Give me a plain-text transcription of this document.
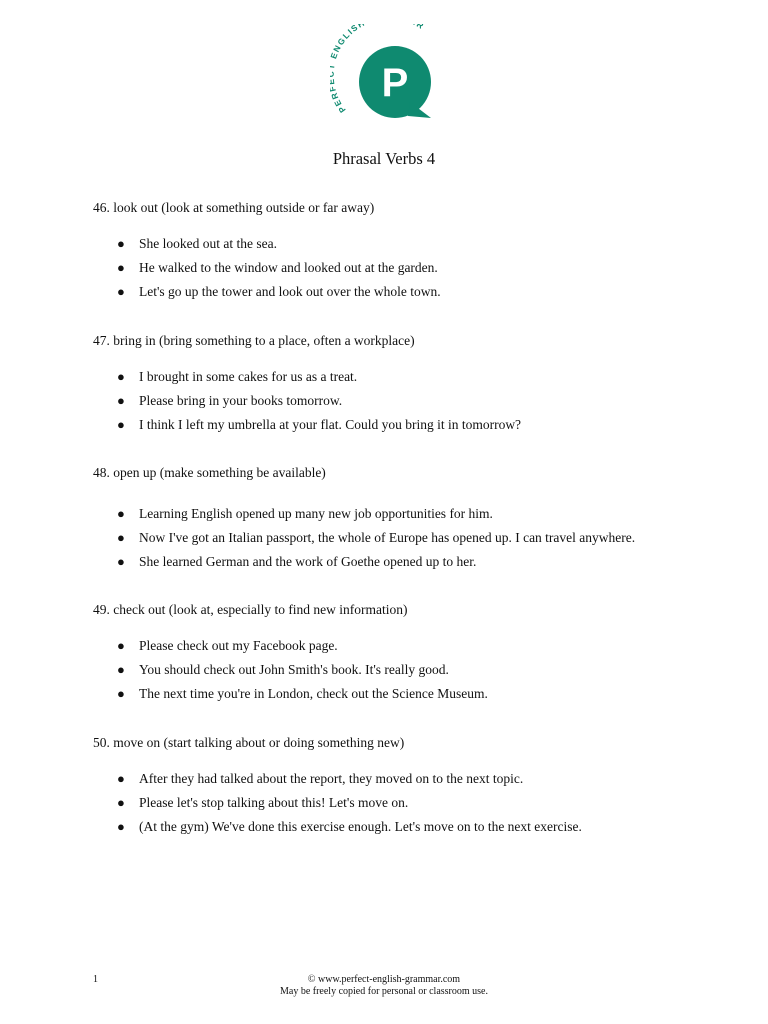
PE NGLIS R
P
Phrasal Verbs 4
46. look out (look at something outside or far away)
● She looked out at the sea.
● He walked to the window and looked out at the garden.
● Let's go up the tower and look out over the whole town.
47. bring in (bring something to a place, often a workplace)
● I brought in some cakes for us as a treat.
● Please bring in your books tomorrow.
● I think I left my umbrella at your flat. Could you bring it in tomorrow?
48. open up (make something be available)
● Learning English opened up many new job opportunities for him.
● Now I've got an Italian passport, the whole of Europe has opened up. I can travel anywhere.
● She learned German and the work of Goethe opened up to her.
49. check out (look at, especially to find new information)
● Please check out my Facebook page.
● You should check out John Smith's book. It's really good.
● The next time you're in London, check out the Science Museum.
50. move on (start talking about or doing something new)
● After they had talked about the report, they moved on to the next topic.
● Please let's stop talking about this! Let's move on.
● (At the gym) We've done this exercise enough. Let's move on to the next exercise.
1	© www.perfect-english-grammar.com
May be freely copied for personal or classroom use.
